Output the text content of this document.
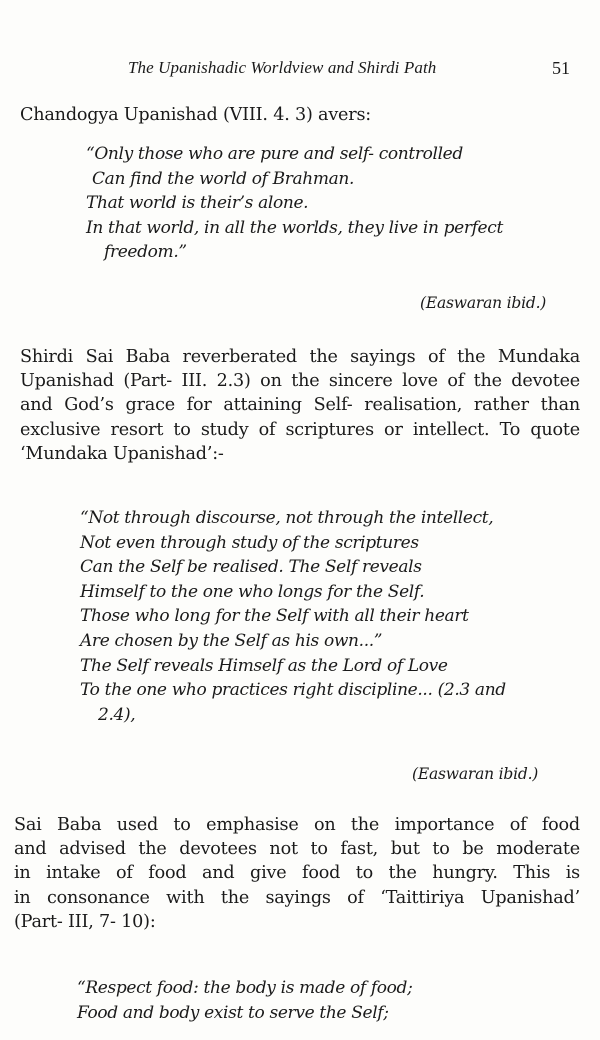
The Upanishadic Worldview and Shirdi Path	51
Chandogya Upanishad (VIII. 4. 3) avers:
“Only those who are pure and self- controlled
Can find the world of Brahman.
That world is their’s alone.
In that world, in all the worlds, they live in perfect
freedom.”
(Easwaran ibid.)
Shirdi Sai Baba reverberated the sayings of the Mundaka
Upanishad (Part- III. 2.3) on the sincere love of the devotee
and God’s grace for attaining Self- realisation, rather than
exclusive resort to study of scriptures or intellect. To quote
‘Mundaka Upanishad’:-
“Not through discourse, not through the intellect,
Not even through study of the scriptures
Can the Self be realised. The Self reveals
Himself to the one who longs for the Self.
Those who long for the Self with all their heart
Are chosen by the Self as his own...”
The Self reveals Himself as the Lord of Love
To the one who practices right discipline... (2.3 and
2.4),
(Easwaran ibid.)
Sai Baba used to emphasise on the importance of food
and advised the devotees not to fast, but to be moderate
in intake of food and give food to the hungry. This is
in consonance with the sayings of ‘Taittiriya Upanishad’
(Part- III, 7- 10):
“Respect food: the body is made of food;
Food and body exist to serve the Self;
